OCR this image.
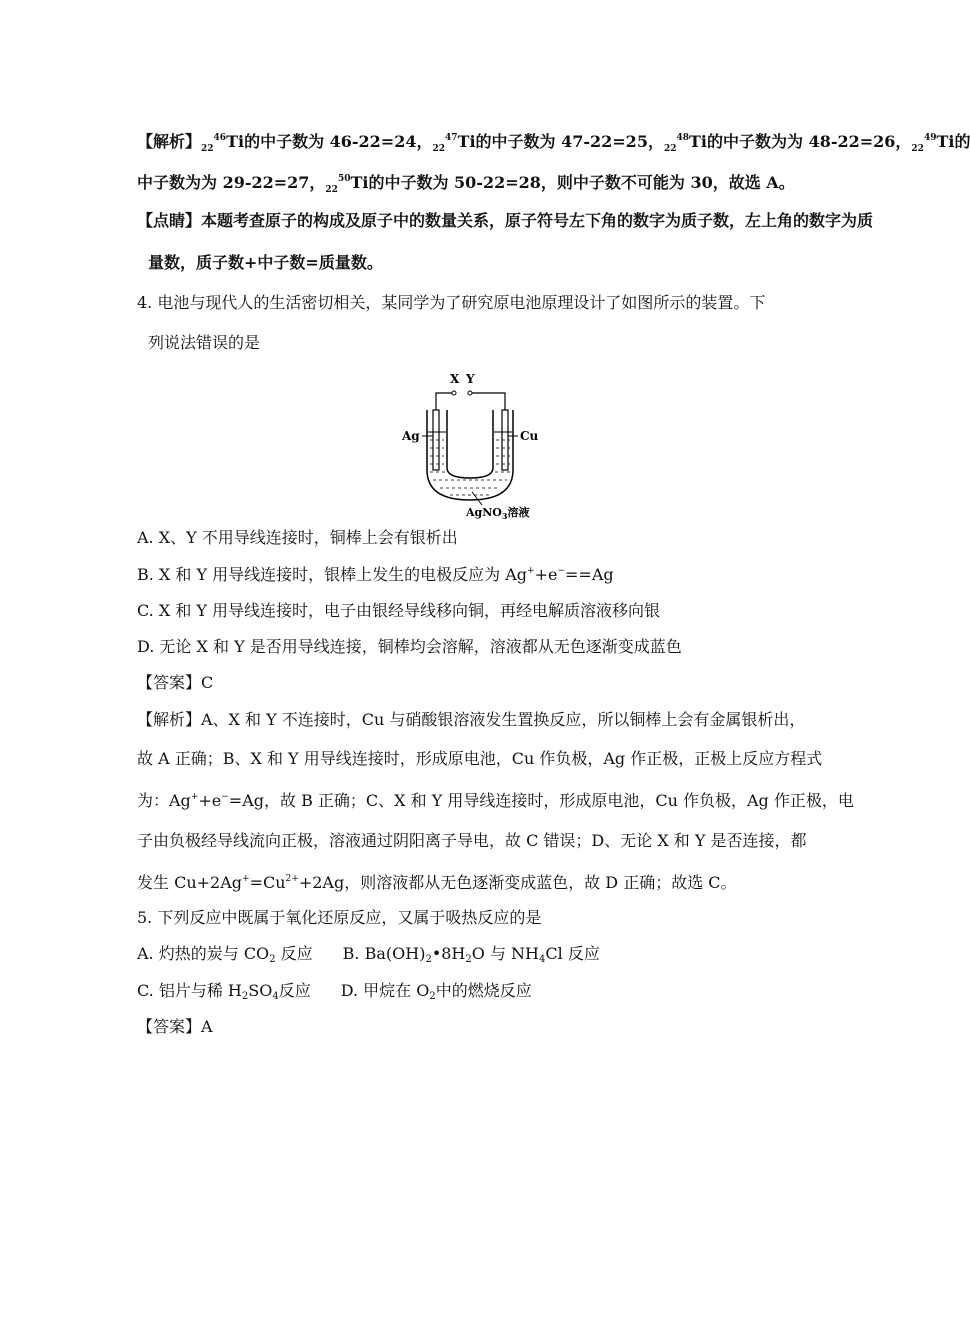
【解析】$_{22}^{46}$Ti的中子数为 46-22=24，$_{22}^{47}$Ti的中子数为 47-22=25，$_{22}^{48}$Ti的中子数为为 48-22=26，$_{22}^{49}$Ti的
中子数为为 29-22=27，$_{22}^{50}$Ti的中子数为 50-22=28，则中子数不可能为 30，故选 A。
【点睛】本题考查原子的构成及原子中的数量关系，原子符号左下角的数字为质子数，左上角的数字为质
量数，质子数+中子数=质量数。
4. 电池与现代人的生活密切相关，某同学为了研究原电池原理设计了如图所示的装置。下
列说法错误的是
X Y
Ag	Cu
AgNO$_3$溶液
A. X、Y 不用导线连接时，铜棒上会有银析出
B. X 和 Y 用导线连接时，银棒上发生的电极反应为 Ag++e−==Ag
C. X 和 Y 用导线连接时，电子由银经导线移向铜，再经电解质溶液移向银
D. 无论 X 和 Y 是否用导线连接，铜棒均会溶解，溶液都从无色逐渐变成蓝色
【答案】C
【解析】A、X 和 Y 不连接时，Cu 与硝酸银溶液发生置换反应，所以铜棒上会有金属银析出，
故 A 正确；B、X 和 Y 用导线连接时，形成原电池，Cu 作负极，Ag 作正极，正极上反应方程式
为：Ag++e−=Ag，故 B 正确；C、X 和 Y 用导线连接时，形成原电池，Cu 作负极，Ag 作正极，电
子由负极经导线流向正极，溶液通过阴阳离子导电，故 C 错误；D、无论 X 和 Y 是否连接，都
发生 $Cu+2Ag^+=Cu^{2+}+2Ag$，则溶液都从无色逐渐变成蓝色，故 D 正确；故选 C。
5. 下列反应中既属于氧化还原反应，又属于吸热反应的是
A. 灼热的炭与 $CO_2$ 反应 B. $Ba(OH)_2•8H_2O$ 与 $NH_4Cl$ 反应
C. 铝片与稀 $H_2SO_4$反应 D. 甲烷在 $O_2$中的燃烧反应
【答案】A
